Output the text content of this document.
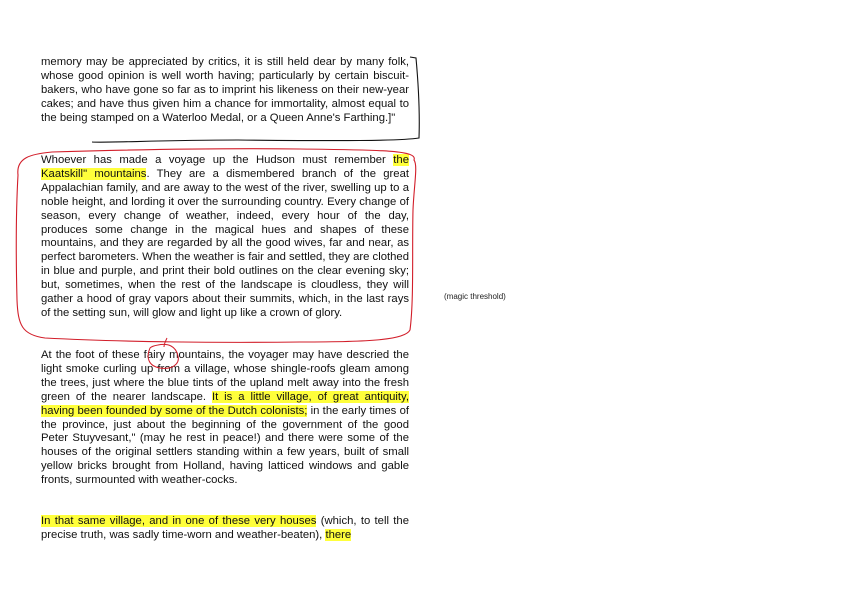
memory may be appreciated by critics, it is still held dear by many folk, whose good opinion is well worth having; particularly by certain biscuit-bakers, who have gone so far as to imprint his likeness on their new-year cakes; and have thus given him a chance for immortality, almost equal to the being stamped on a Waterloo Medal, or a Queen Anne's Farthing.]"

Whoever has made a voyage up the Hudson must remember the Kaatskill" mountains. They are a dismembered branch of the great Appalachian family, and are away to the west of the river, swelling up to a noble height, and lording it over the surrounding country. Every change of season, every change of weather, indeed, every hour of the day, produces some change in the magical hues and shapes of these mountains, and they are regarded by all the good wives, far and near, as perfect barometers. When the weather is fair and settled, they are clothed in blue and purple, and print their bold outlines on the clear evening sky; but, sometimes, when the rest of the landscape is cloudless, they will gather a hood of gray vapors about their summits, which, in the last rays of the setting sun, will glow and light up like a crown of glory.

At the foot of these fairy mountains, the voyager may have descried the light smoke curling up from a village, whose shingle-roofs gleam among the trees, just where the blue tints of the upland melt away into the fresh green of the nearer landscape. It is a little village, of great antiquity, having been founded by some of the Dutch colonists; in the early times of the province, just about the beginning of the government of the good Peter Stuyvesant," (may he rest in peace!) and there were some of the houses of the original settlers standing within a few years, built of small yellow bricks brought from Holland, having latticed windows and gable fronts, surmounted with weather-cocks.

In that same village, and in one of these very houses (which, to tell the precise truth, was sadly time-worn and weather-beaten), there

(magic threshold)
